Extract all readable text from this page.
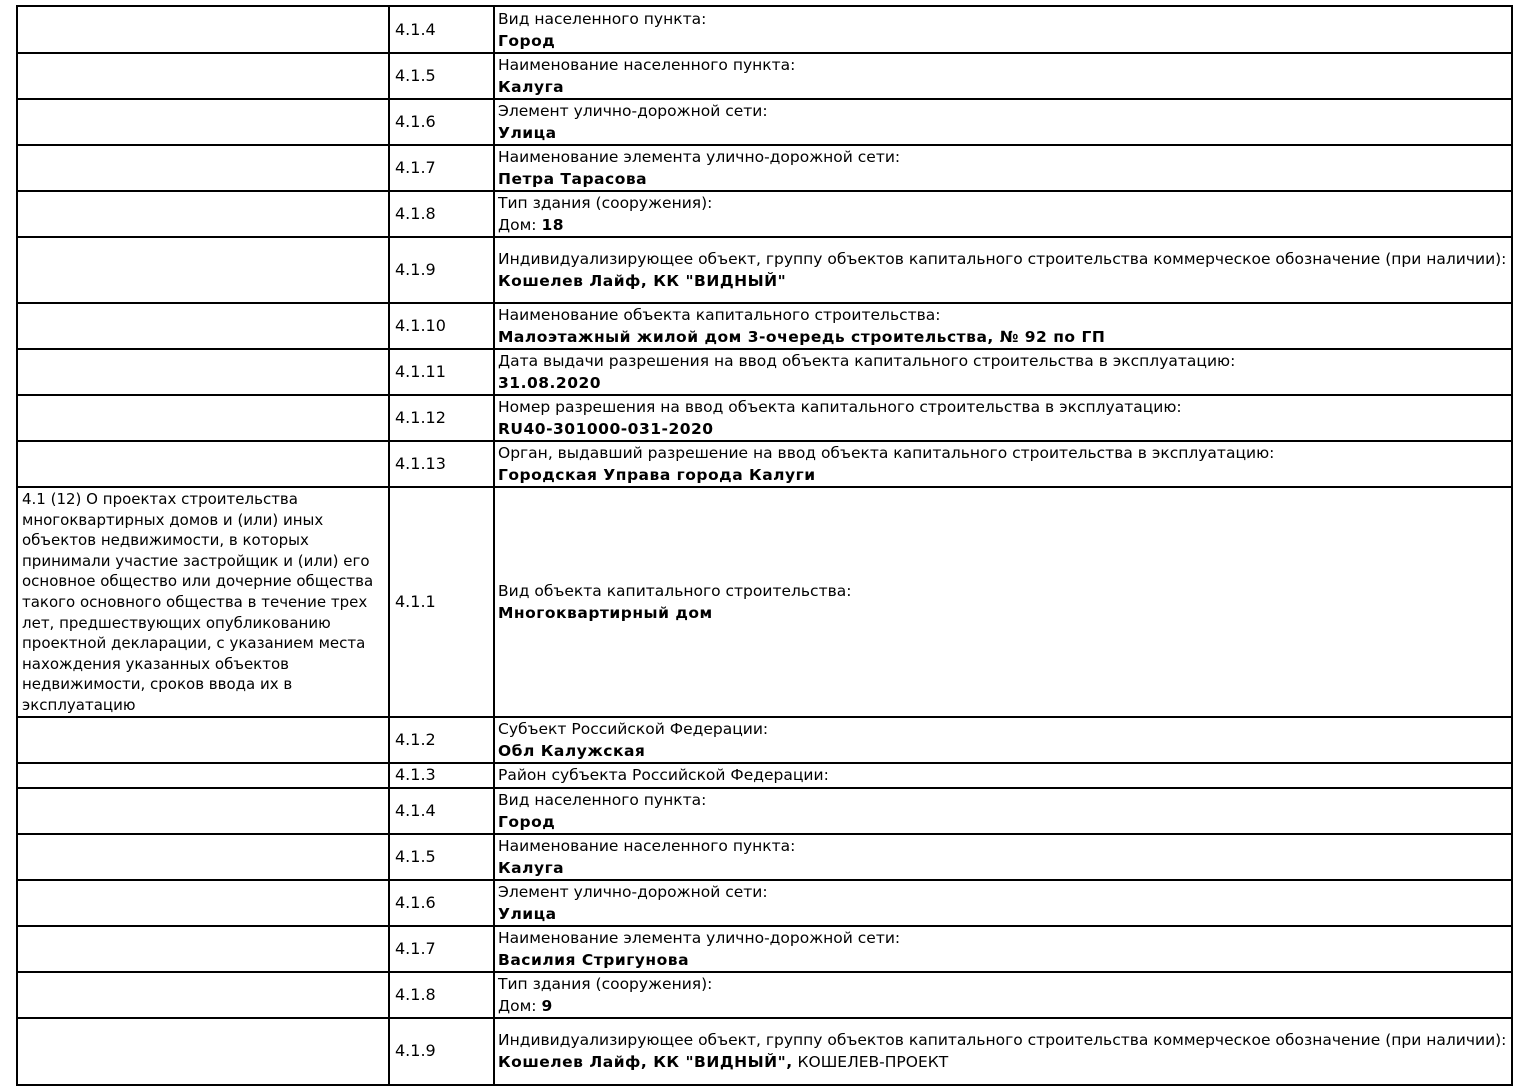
	4.1.4	Вид населенного пункта:
Город

	4.1.5	Наименование населенного пункта:
Калуга

	4.1.6	Элемент улично-дорожной сети:
Улица

	4.1.7	Наименование элемента улично-дорожной сети:
Петра Тарасова

	4.1.8	Тип здания (сооружения):
Дом: 18

	4.1.9	Индивидуализирующее объект, группу объектов капитального строительства коммерческое обозначение (при наличии):
Кошелев Лайф, КК "ВИДНЫЙ"

	4.1.10	Наименование объекта капитального строительства:
Малоэтажный жилой дом 3-очередь строительства, № 92 по ГП

	4.1.11	Дата выдачи разрешения на ввод объекта капитального строительства в эксплуатацию:
31.08.2020

	4.1.12	Номер разрешения на ввод объекта капитального строительства в эксплуатацию:
RU40-301000-031-2020

	4.1.13	Орган, выдавший разрешение на ввод объекта капитального строительства в эксплуатацию:
Городская Управа города Калуги

4.1 (12) О проектах строительства многоквартирных домов и (или) иных объектов недвижимости, в которых принимали участие застройщик и (или) его основное общество или дочерние общества такого основного общества в течение трех лет, предшествующих опубликованию проектной декларации, с указанием места нахождения указанных объектов недвижимости, сроков ввода их в эксплуатацию	4.1.1	Вид объекта капитального строительства:
Многоквартирный дом

	4.1.2	Субъект Российской Федерации:
Обл Калужская

	4.1.3	Район субъекта Российской Федерации:

	4.1.4	Вид населенного пункта:
Город

	4.1.5	Наименование населенного пункта:
Калуга

	4.1.6	Элемент улично-дорожной сети:
Улица

	4.1.7	Наименование элемента улично-дорожной сети:
Василия Стригунова

	4.1.8	Тип здания (сооружения):
Дом: 9

	4.1.9	Индивидуализирующее объект, группу объектов капитального строительства коммерческое обозначение (при наличии):
Кошелев Лайф, КК "ВИДНЫЙ", КОШЕЛЕВ-ПРОЕКТ
